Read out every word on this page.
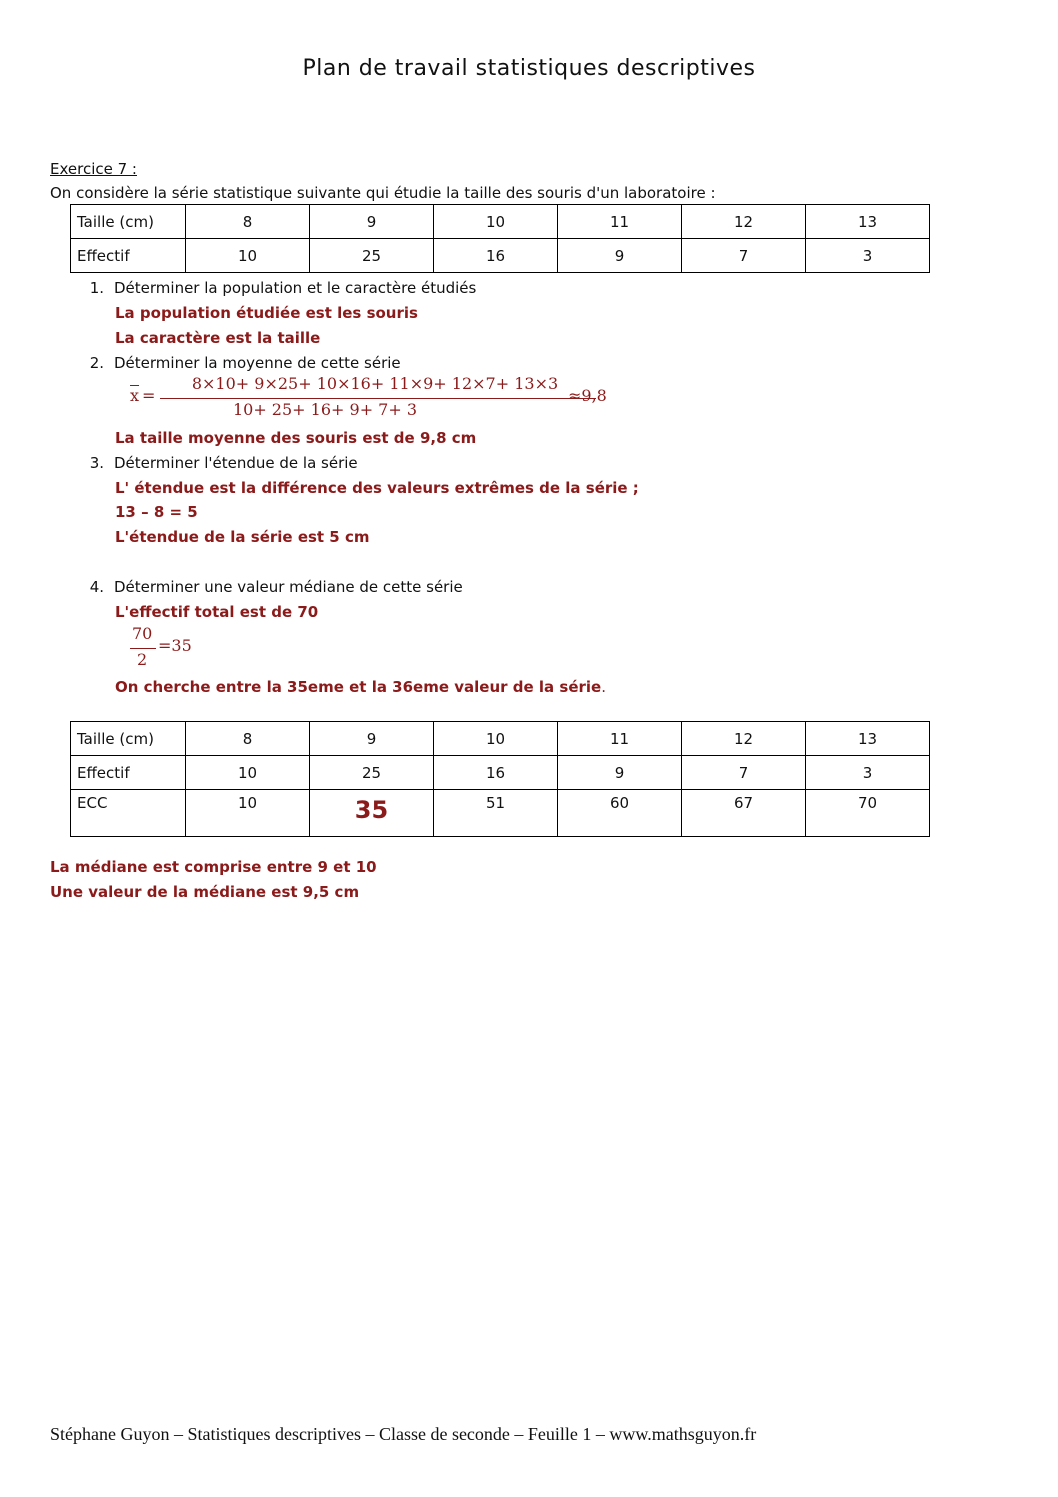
Plan de travail statistiques descriptives
Exercice 7 :
On considère la série statistique suivante qui étudie la taille des souris d'un laboratoire :
Taille (cm)	8	9	10	11	12	13
Effectif	10	25	16	9	7	3
1. Déterminer la population et le caractère étudiés
La population étudiée est les souris
La caractère est la taille
2. Déterminer la moyenne de cette série
$\overline{x}$ =
8×10+ 9×25+ 10×16+ 11×9+ 12×7+ 13×3
10+ 25+ 16+ 9+ 7+ 3
≈9,8
La taille moyenne des souris est de 9,8 cm
3. Déterminer l'étendue de la série
L' étendue est la différence des valeurs extrêmes de la série ;
13 – 8 = 5
L'étendue de la série est 5 cm
4. Déterminer une valeur médiane de cette série
L'effectif total est de 70
70
2
=35
On cherche entre la 35eme et la 36eme valeur de la série.
Taille (cm)	8	9	10	11	12	13
Effectif	10	25	16	9	7	3
ECC	10	35	51	60	67	70
La médiane est comprise entre 9 et 10
Une valeur de la médiane est 9,5 cm
Stéphane Guyon – Statistiques descriptives – Classe de seconde – Feuille 1 – www.mathsguyon.fr
